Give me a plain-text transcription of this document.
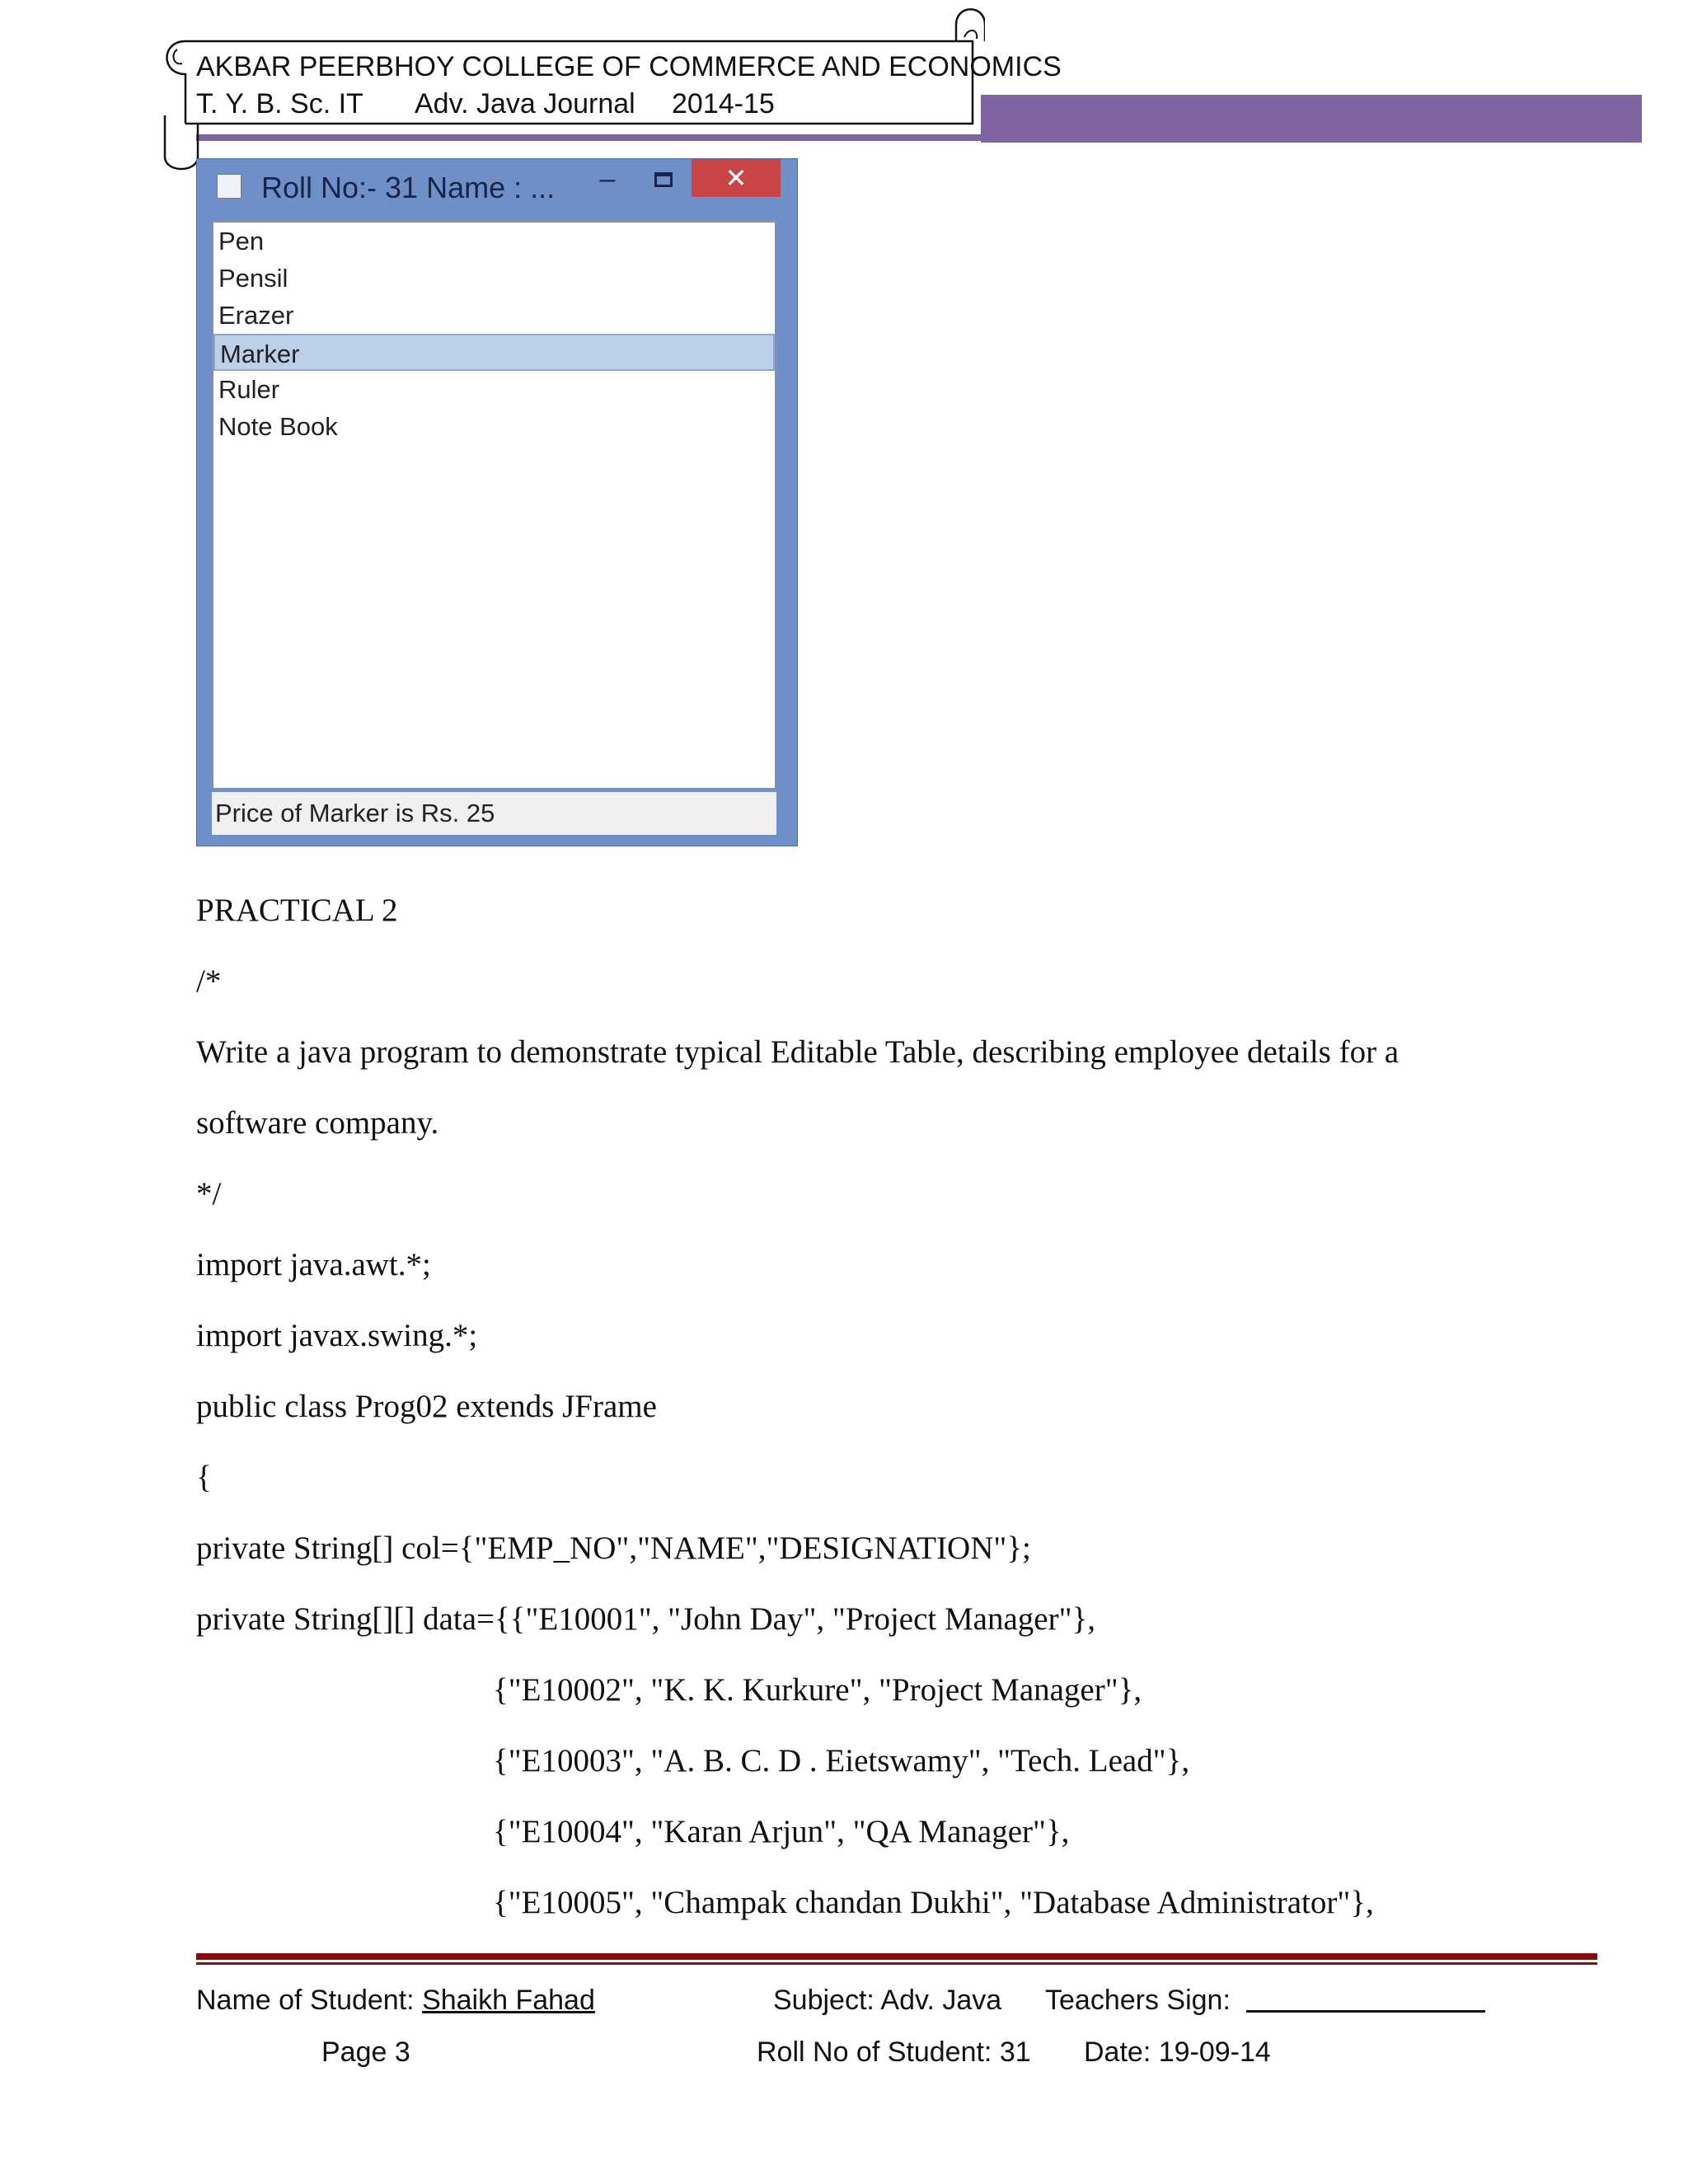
AKBAR PEERBHOY COLLEGE OF COMMERCE AND ECONOMICS
T. Y. B. Sc. IT Adv. Java Journal 2014-15
Roll No:- 31 Name : ...	–	✕
Pen
Pensil
Erazer
Marker
Ruler
Note Book
Price of Marker is Rs. 25
PRACTICAL 2
/*
Write a java program to demonstrate typical Editable Table, describing employee details for a
software company.
*/
import java.awt.*;
import javax.swing.*;
public class Prog02 extends JFrame
{
private String[] col={"EMP_NO","NAME","DESIGNATION"};
private String[][] data={{"E10001", "John Day", "Project Manager"},
{"E10002", "K. K. Kurkure", "Project Manager"},
{"E10003", "A. B. C. D . Eietswamy", "Tech. Lead"},
{"E10004", "Karan Arjun", "QA Manager"},
{"E10005", "Champak chandan Dukhi", "Database Administrator"},
Name of Student: Shaikh Fahad	Subject: Adv. Java Teachers Sign:
Page 3	Roll No of Student: 31 Date: 19-09-14
